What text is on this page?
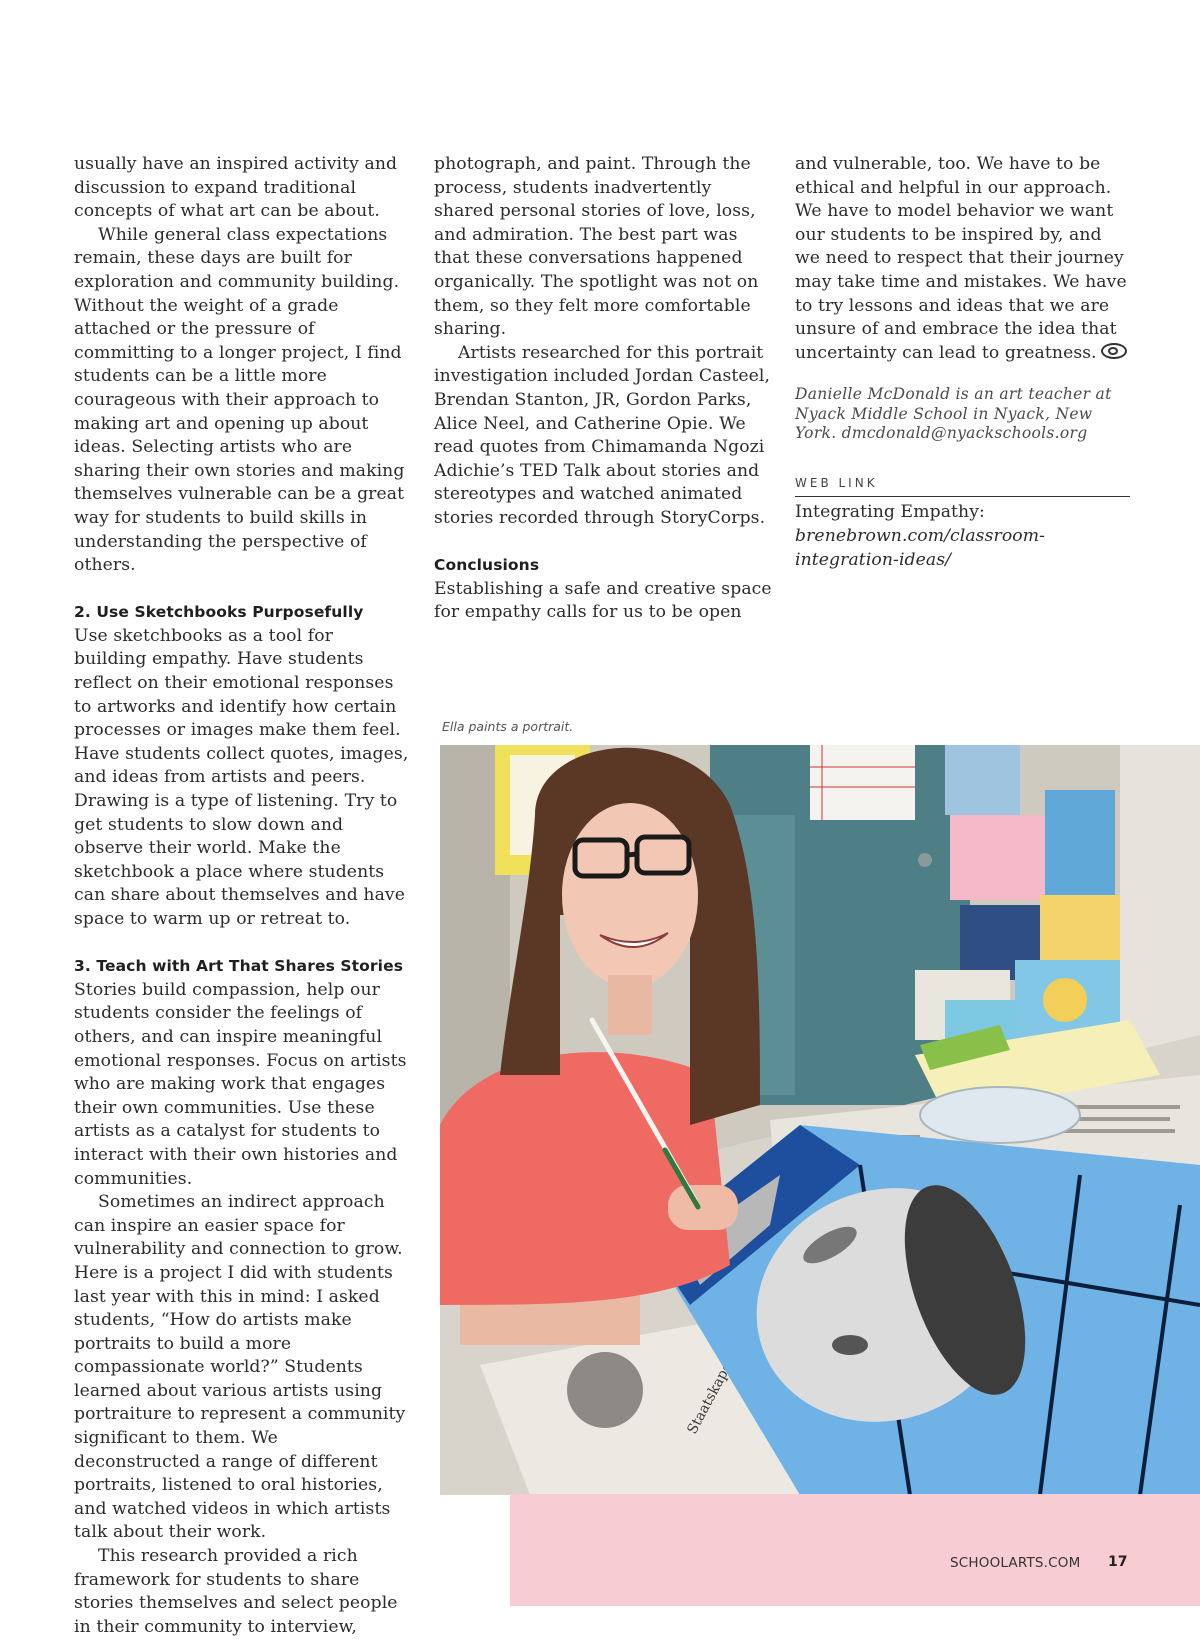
usually have an inspired activity and discussion to expand traditional concepts of what art can be about.

While general class expectations remain, these days are built for exploration and community building. Without the weight of a grade attached or the pressure of committing to a longer project, I find students can be a little more courageous with their approach to making art and opening up about ideas. Selecting artists who are sharing their own stories and making themselves vulnerable can be a great way for students to build skills in understanding the perspective of others.

2. Use Sketchbooks Purposefully

Use sketchbooks as a tool for building empathy. Have students reflect on their emotional responses to artworks and identify how certain processes or images make them feel. Have students collect quotes, images, and ideas from artists and peers. Drawing is a type of listening. Try to get students to slow down and observe their world. Make the sketchbook a place where students can share about themselves and have space to warm up or retreat to.

3. Teach with Art That Shares Stories

Stories build compassion, help our students consider the feelings of others, and can inspire meaningful emotional responses. Focus on artists who are making work that engages their own communities. Use these artists as a catalyst for students to interact with their own histories and communities.

Sometimes an indirect approach can inspire an easier space for vulnerability and connection to grow. Here is a project I did with students last year with this in mind: I asked students, “How do artists make portraits to build a more compassionate world?” Students learned about various artists using portraiture to represent a community significant to them. We deconstructed a range of different portraits, listened to oral histories, and watched videos in which artists talk about their work.

This research provided a rich framework for students to share stories themselves and select people in their community to interview,

photograph, and paint. Through the process, students inadvertently shared personal stories of love, loss, and admiration. The best part was that these conversations happened organically. The spotlight was not on them, so they felt more comfortable sharing.

Artists researched for this portrait investigation included Jordan Casteel, Brendan Stanton, JR, Gordon Parks, Alice Neel, and Catherine Opie. We read quotes from Chimamanda Ngozi Adichie’s TED Talk about stories and stereotypes and watched animated stories recorded through StoryCorps.

Conclusions

Establishing a safe and creative space for empathy calls for us to be open

and vulnerable, too. We have to be ethical and helpful in our approach. We have to model behavior we want our students to be inspired by, and we need to respect that their journey may take time and mistakes. We have to try lessons and ideas that we are unsure of and embrace the idea that uncertainty can lead to greatness.

Danielle McDonald is an art teacher at Nyack Middle School in Nyack, New York. dmcdonald@nyackschools.org

WEB LINK

Integrating Empathy: brenebrown.com/classroom-integration-ideas/

Ella paints a portrait.
SCHOOLARTS.COM 17
